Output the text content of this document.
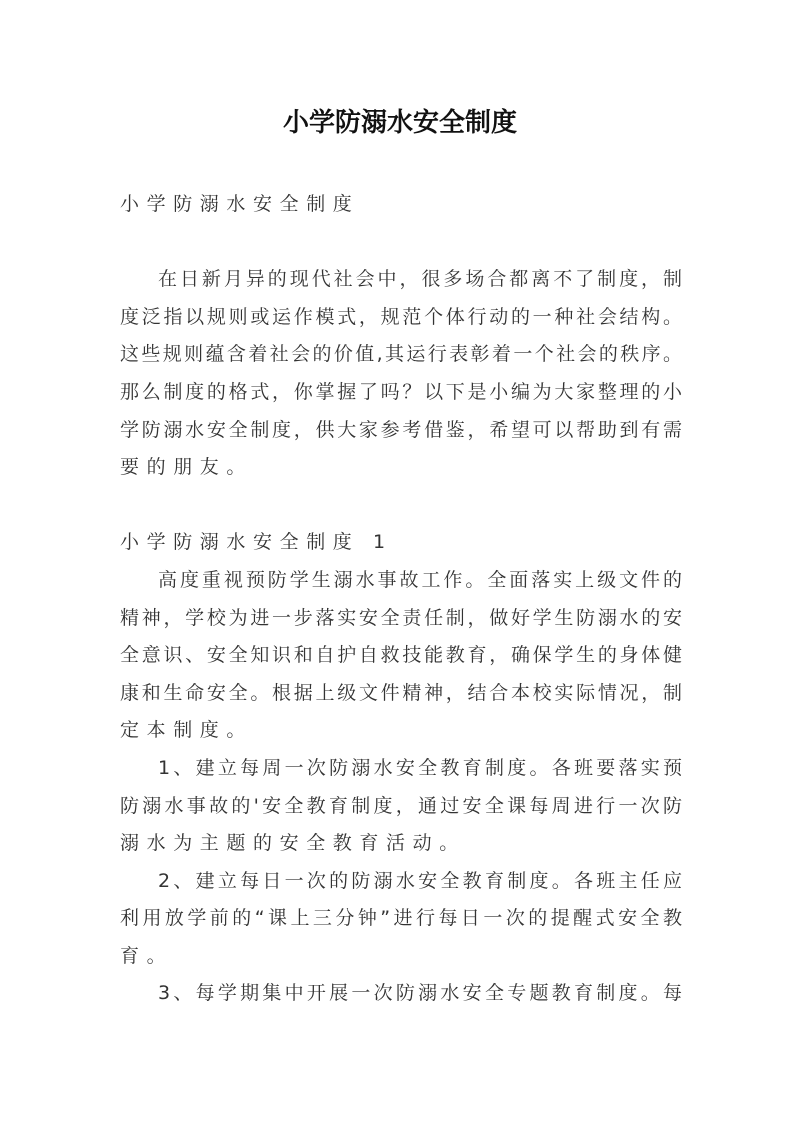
小学防溺水安全制度
小学防溺水安全制度
在日新月异的现代社会中，很多场合都离不了制度，制
度泛指以规则或运作模式，规范个体行动的一种社会结构。
这些规则蕴含着社会的价值,其运行表彰着一个社会的秩序。
那么制度的格式，你掌握了吗？以下是小编为大家整理的小
学防溺水安全制度，供大家参考借鉴，希望可以帮助到有需
要的朋友。
小学防溺水安全制度 1
高度重视预防学生溺水事故工作。全面落实上级文件的
精神，学校为进一步落实安全责任制，做好学生防溺水的安
全意识、安全知识和自护自救技能教育，确保学生的身体健
康和生命安全。根据上级文件精神，结合本校实际情况，制
定本制度。
1、建立每周一次防溺水安全教育制度。各班要落实预
防溺水事故的'安全教育制度，通过安全课每周进行一次防
溺水为主题的安全教育活动。
2、建立每日一次的防溺水安全教育制度。各班主任应
利用放学前的“课上三分钟”进行每日一次的提醒式安全教
育。
3、每学期集中开展一次防溺水安全专题教育制度。每
